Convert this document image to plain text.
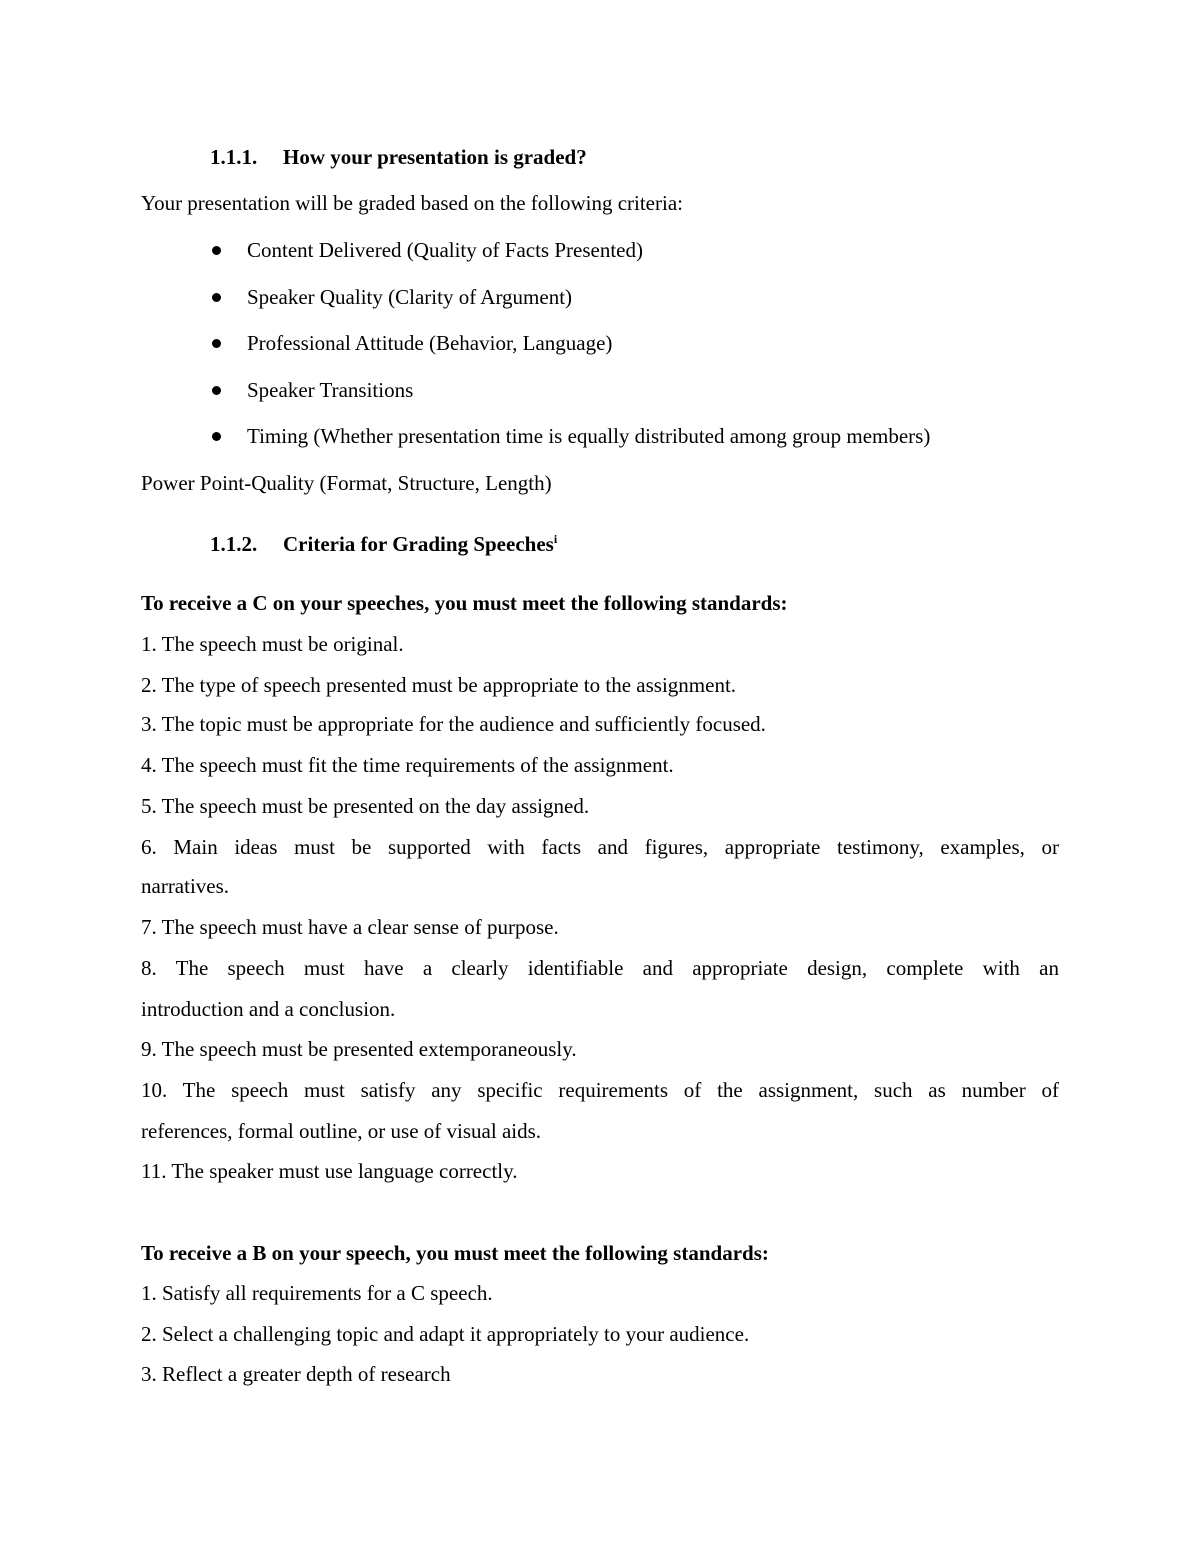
1.1.1. How your presentation is graded?
Your presentation will be graded based on the following criteria:
Content Delivered (Quality of Facts Presented)
Speaker Quality (Clarity of Argument)
Professional Attitude (Behavior, Language)
Speaker Transitions
Timing (Whether presentation time is equally distributed among group members)
Power Point-Quality (Format, Structure, Length)
1.1.2. Criteria for Grading Speeches$^i$
To receive a C on your speeches, you must meet the following standards:
1. The speech must be original.
2. The type of speech presented must be appropriate to the assignment.
3. The topic must be appropriate for the audience and sufficiently focused.
4. The speech must fit the time requirements of the assignment.
5. The speech must be presented on the day assigned.
6. Main ideas must be supported with facts and figures, appropriate testimony, examples, or
narratives.
7. The speech must have a clear sense of purpose.
8. The speech must have a clearly identifiable and appropriate design, complete with an
introduction and a conclusion.
9. The speech must be presented extemporaneously.
10. The speech must satisfy any specific requirements of the assignment, such as number of
references, formal outline, or use of visual aids.
11. The speaker must use language correctly.
To receive a B on your speech, you must meet the following standards:
1. Satisfy all requirements for a C speech.
2. Select a challenging topic and adapt it appropriately to your audience.
3. Reflect a greater depth of research
